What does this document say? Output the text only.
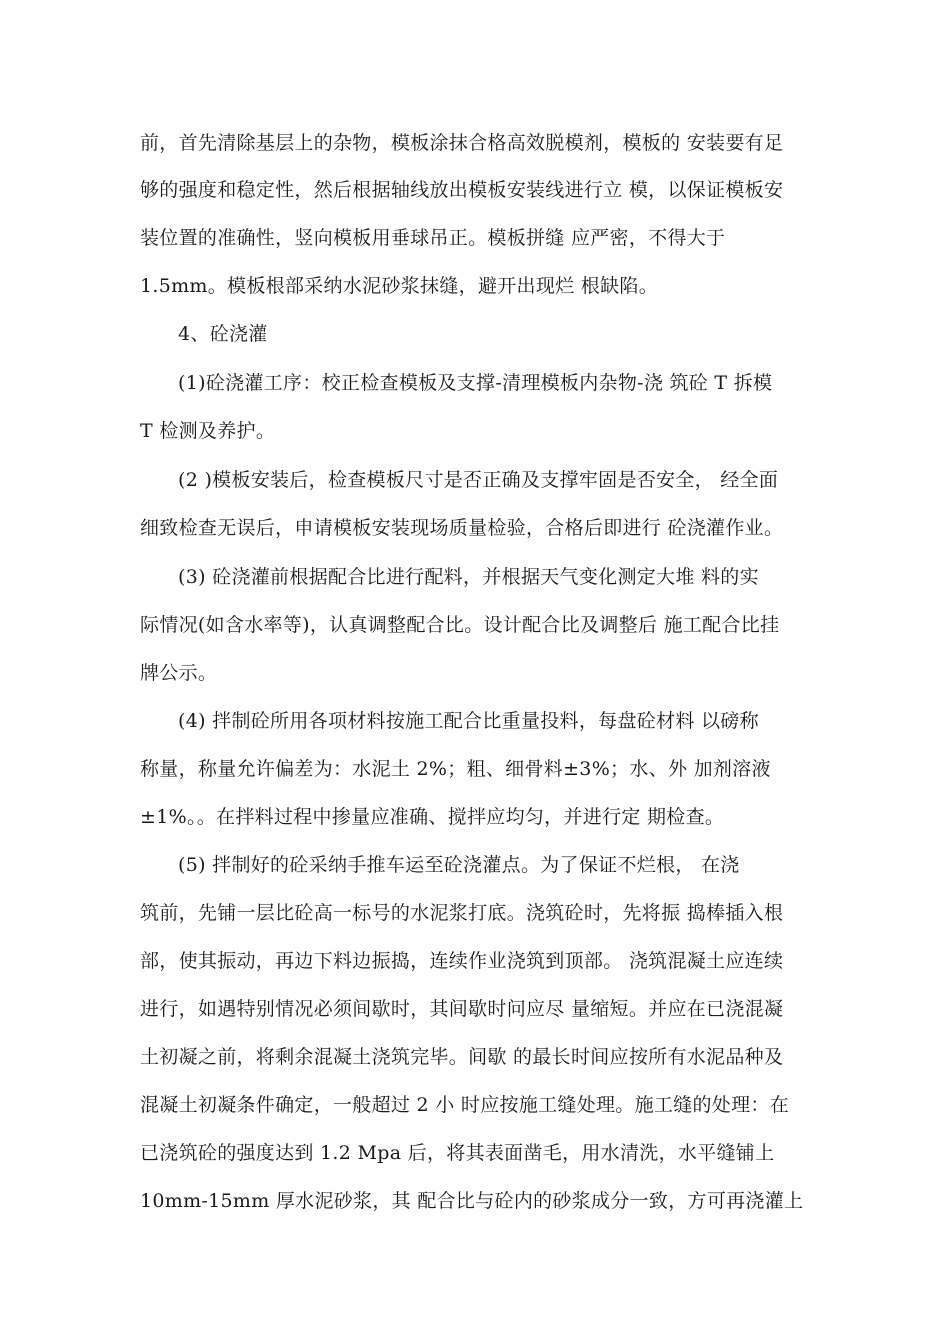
前，首先清除基层上的杂物，模板涂抹合格高效脱模剂，模板的 安装要有足
够的强度和稳定性，然后根据轴线放出模板安装线进行立 模，以保证模板安
装位置的准确性，竖向模板用垂球吊正。模板拼缝 应严密，不得大于
1.5mm。模板根部采纳水泥砂浆抹缝，避开出现烂 根缺陷。
4、砼浇灌
(1)砼浇灌工序：校正检查模板及支撑-清理模板内杂物-浇 筑砼 T 拆模
T 检测及养护。
(2 )模板安装后，检查模板尺寸是否正确及支撑牢固是否安全， 经全面
细致检查无误后，申请模板安装现场质量检验，合格后即进行 砼浇灌作业。
(3) 砼浇灌前根据配合比进行配料，并根据天气变化测定大堆 料的实
际情况(如含水率等)，认真调整配合比。设计配合比及调整后 施工配合比挂
牌公示。
(4) 拌制砼所用各项材料按施工配合比重量投料，每盘砼材料 以磅称
称量，称量允许偏差为：水泥土 2%；粗、细骨料±3%；水、外 加剂溶液
±1%。。在拌料过程中掺量应准确、搅拌应均匀，并进行定 期检查。
(5) 拌制好的砼采纳手推车运至砼浇灌点。为了保证不烂根， 在浇
筑前，先铺一层比砼高一标号的水泥浆打底。浇筑砼时，先将振 捣棒插入根
部，使其振动，再边下料边振捣，连续作业浇筑到顶部。 浇筑混凝土应连续
进行，如遇特别情况必须间歇时，其间歇时问应尽 量缩短。并应在已浇混凝
土初凝之前，将剩余混凝土浇筑完毕。间歇 的最长时间应按所有水泥品种及
混凝土初凝条件确定，一般超过 2 小 时应按施工缝处理。施工缝的处理：在
已浇筑砼的强度达到 1.2 Mpa 后，将其表面凿毛，用水清洗，水平缝铺上
10mm-15mm 厚水泥砂浆，其 配合比与砼内的砂浆成分一致，方可再浇灌上
